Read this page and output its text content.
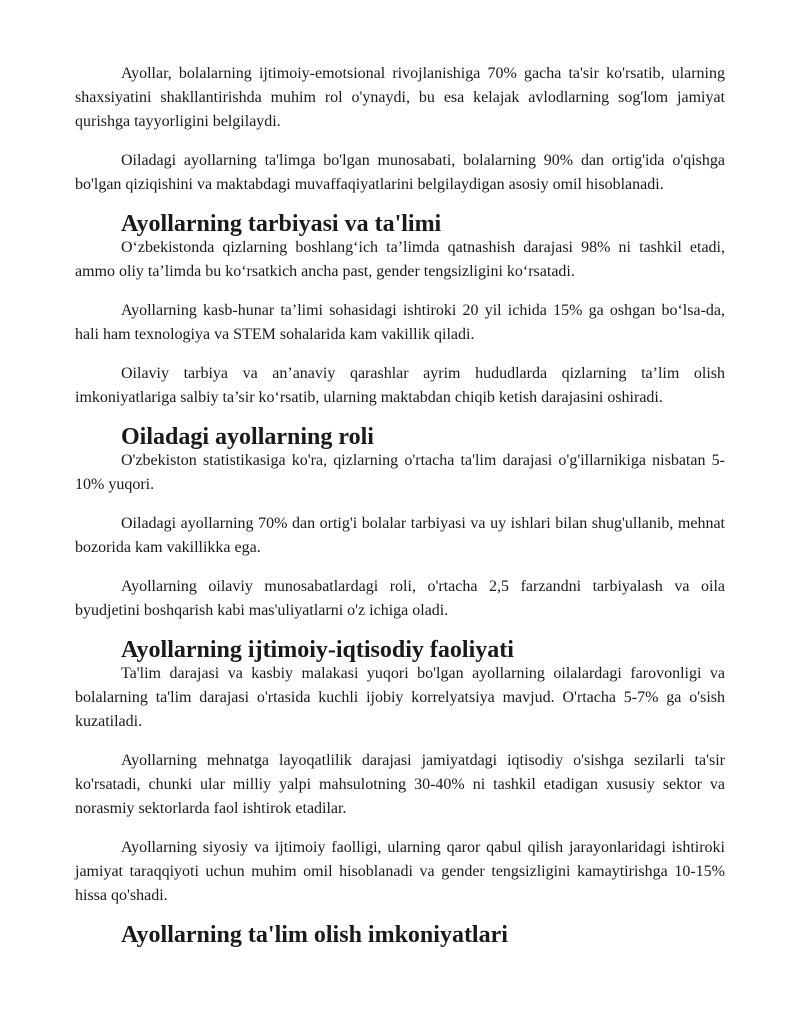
Ayollar, bolalarning ijtimoiy-emotsional rivojlanishiga 70% gacha ta'sir ko'rsatib, ularning shaxsiyatini shakllantirishda muhim rol o'ynaydi, bu esa kelajak avlodlarning sog'lom jamiyat qurishga tayyorligini belgilaydi.

Oiladagi ayollarning ta'limga bo'lgan munosabati, bolalarning 90% dan ortig'ida o'qishga bo'lgan qiziqishini va maktabdagi muvaffaqiyatlarini belgilaydigan asosiy omil hisoblanadi.

Ayollarning tarbiyasi va ta'limi

O‘zbekistonda qizlarning boshlang‘ich ta’limda qatnashish darajasi 98% ni tashkil etadi, ammo oliy ta’limda bu ko‘rsatkich ancha past, gender tengsizligini ko‘rsatadi.

Ayollarning kasb-hunar ta’limi sohasidagi ishtiroki 20 yil ichida 15% ga oshgan bo‘lsa-da, hali ham texnologiya va STEM sohalarida kam vakillik qiladi.

Oilaviy tarbiya va an’anaviy qarashlar ayrim hududlarda qizlarning ta’lim olish imkoniyatlariga salbiy ta’sir ko‘rsatib, ularning maktabdan chiqib ketish darajasini oshiradi.

Oiladagi ayollarning roli

O'zbekiston statistikasiga ko'ra, qizlarning o'rtacha ta'lim darajasi o'g'illarnikiga nisbatan 5-10% yuqori.

Oiladagi ayollarning 70% dan ortig'i bolalar tarbiyasi va uy ishlari bilan shug'ullanib, mehnat bozorida kam vakillikka ega.

Ayollarning oilaviy munosabatlardagi roli, o'rtacha 2,5 farzandni tarbiyalash va oila byudjetini boshqarish kabi mas'uliyatlarni o'z ichiga oladi.

Ayollarning ijtimoiy-iqtisodiy faoliyati

Ta'lim darajasi va kasbiy malakasi yuqori bo'lgan ayollarning oilalardagi farovonligi va bolalarning ta'lim darajasi o'rtasida kuchli ijobiy korrelyatsiya mavjud. O'rtacha 5-7% ga o'sish kuzatiladi.

Ayollarning mehnatga layoqatlilik darajasi jamiyatdagi iqtisodiy o'sishga sezilarli ta'sir ko'rsatadi, chunki ular milliy yalpi mahsulotning 30-40% ni tashkil etadigan xususiy sektor va norasmiy sektorlarda faol ishtirok etadilar.

Ayollarning siyosiy va ijtimoiy faolligi, ularning qaror qabul qilish jarayonlaridagi ishtiroki jamiyat taraqqiyoti uchun muhim omil hisoblanadi va gender tengsizligini kamaytirishga 10-15% hissa qo'shadi.

Ayollarning ta'lim olish imkoniyatlari
